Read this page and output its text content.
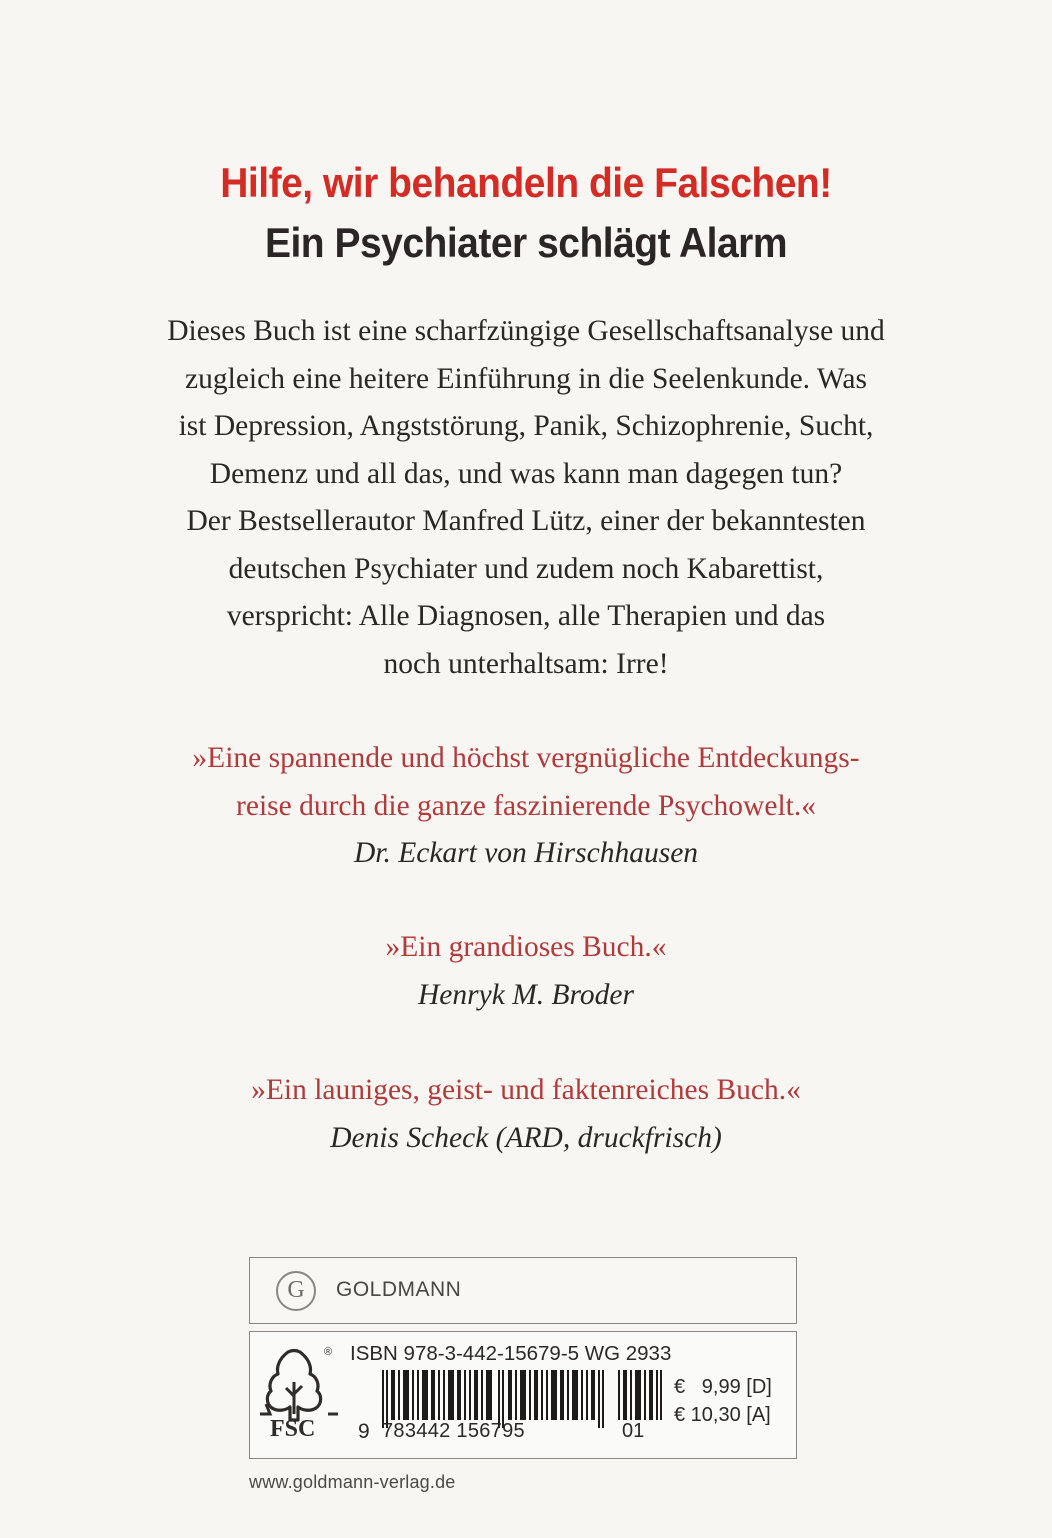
Hilfe, wir behandeln die Falschen!
Ein Psychiater schlägt Alarm
Dieses Buch ist eine scharfzüngige Gesellschaftsanalyse und
zugleich eine heitere Einführung in die Seelenkunde. Was
ist Depression, Angststörung, Panik, Schizophrenie, Sucht,
Demenz und all das, und was kann man dagegen tun?
Der Bestsellerautor Manfred Lütz, einer der bekanntesten
deutschen Psychiater und zudem noch Kabarettist,
verspricht: Alle Diagnosen, alle Therapien und das
noch unterhaltsam: Irre!
»Eine spannende und höchst vergnügliche Entdeckungs-
reise durch die ganze faszinierende Psychowelt.«
Dr. Eckart von Hirschhausen
»Ein grandioses Buch.«
Henryk M. Broder
»Ein launiges, geist- und faktenreiches Buch.«
Denis Scheck (ARD, druckfrisch)
G	GOLDMANN
®
FSC
ISBN 978-3-442-15679-5 WG 2933
9 783442 156795	01
€   9,99 [D]
€ 10,30 [A]
www.goldmann-verlag.de
